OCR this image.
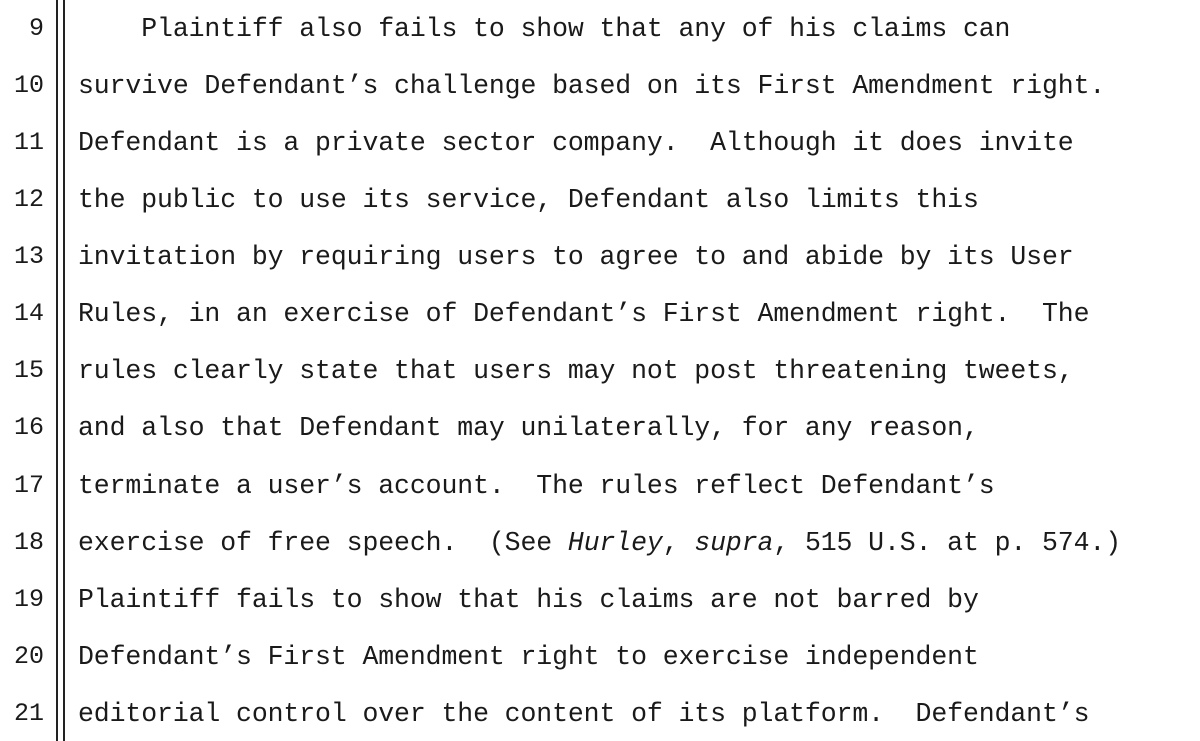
9 Plaintiff also fails to show that any of his claims can
10 survive Defendant’s challenge based on its First Amendment right.
11 Defendant is a private sector company.  Although it does invite
12 the public to use its service, Defendant also limits this
13 invitation by requiring users to agree to and abide by its User
14 Rules, in an exercise of Defendant’s First Amendment right.  The
15 rules clearly state that users may not post threatening tweets,
16 and also that Defendant may unilaterally, for any reason,
17 terminate a user’s account.  The rules reflect Defendant’s
18 exercise of free speech.  (See Hurley, supra, 515 U.S. at p. 574.)
19 Plaintiff fails to show that his claims are not barred by
20 Defendant’s First Amendment right to exercise independent
21 editorial control over the content of its platform.  Defendant’s
